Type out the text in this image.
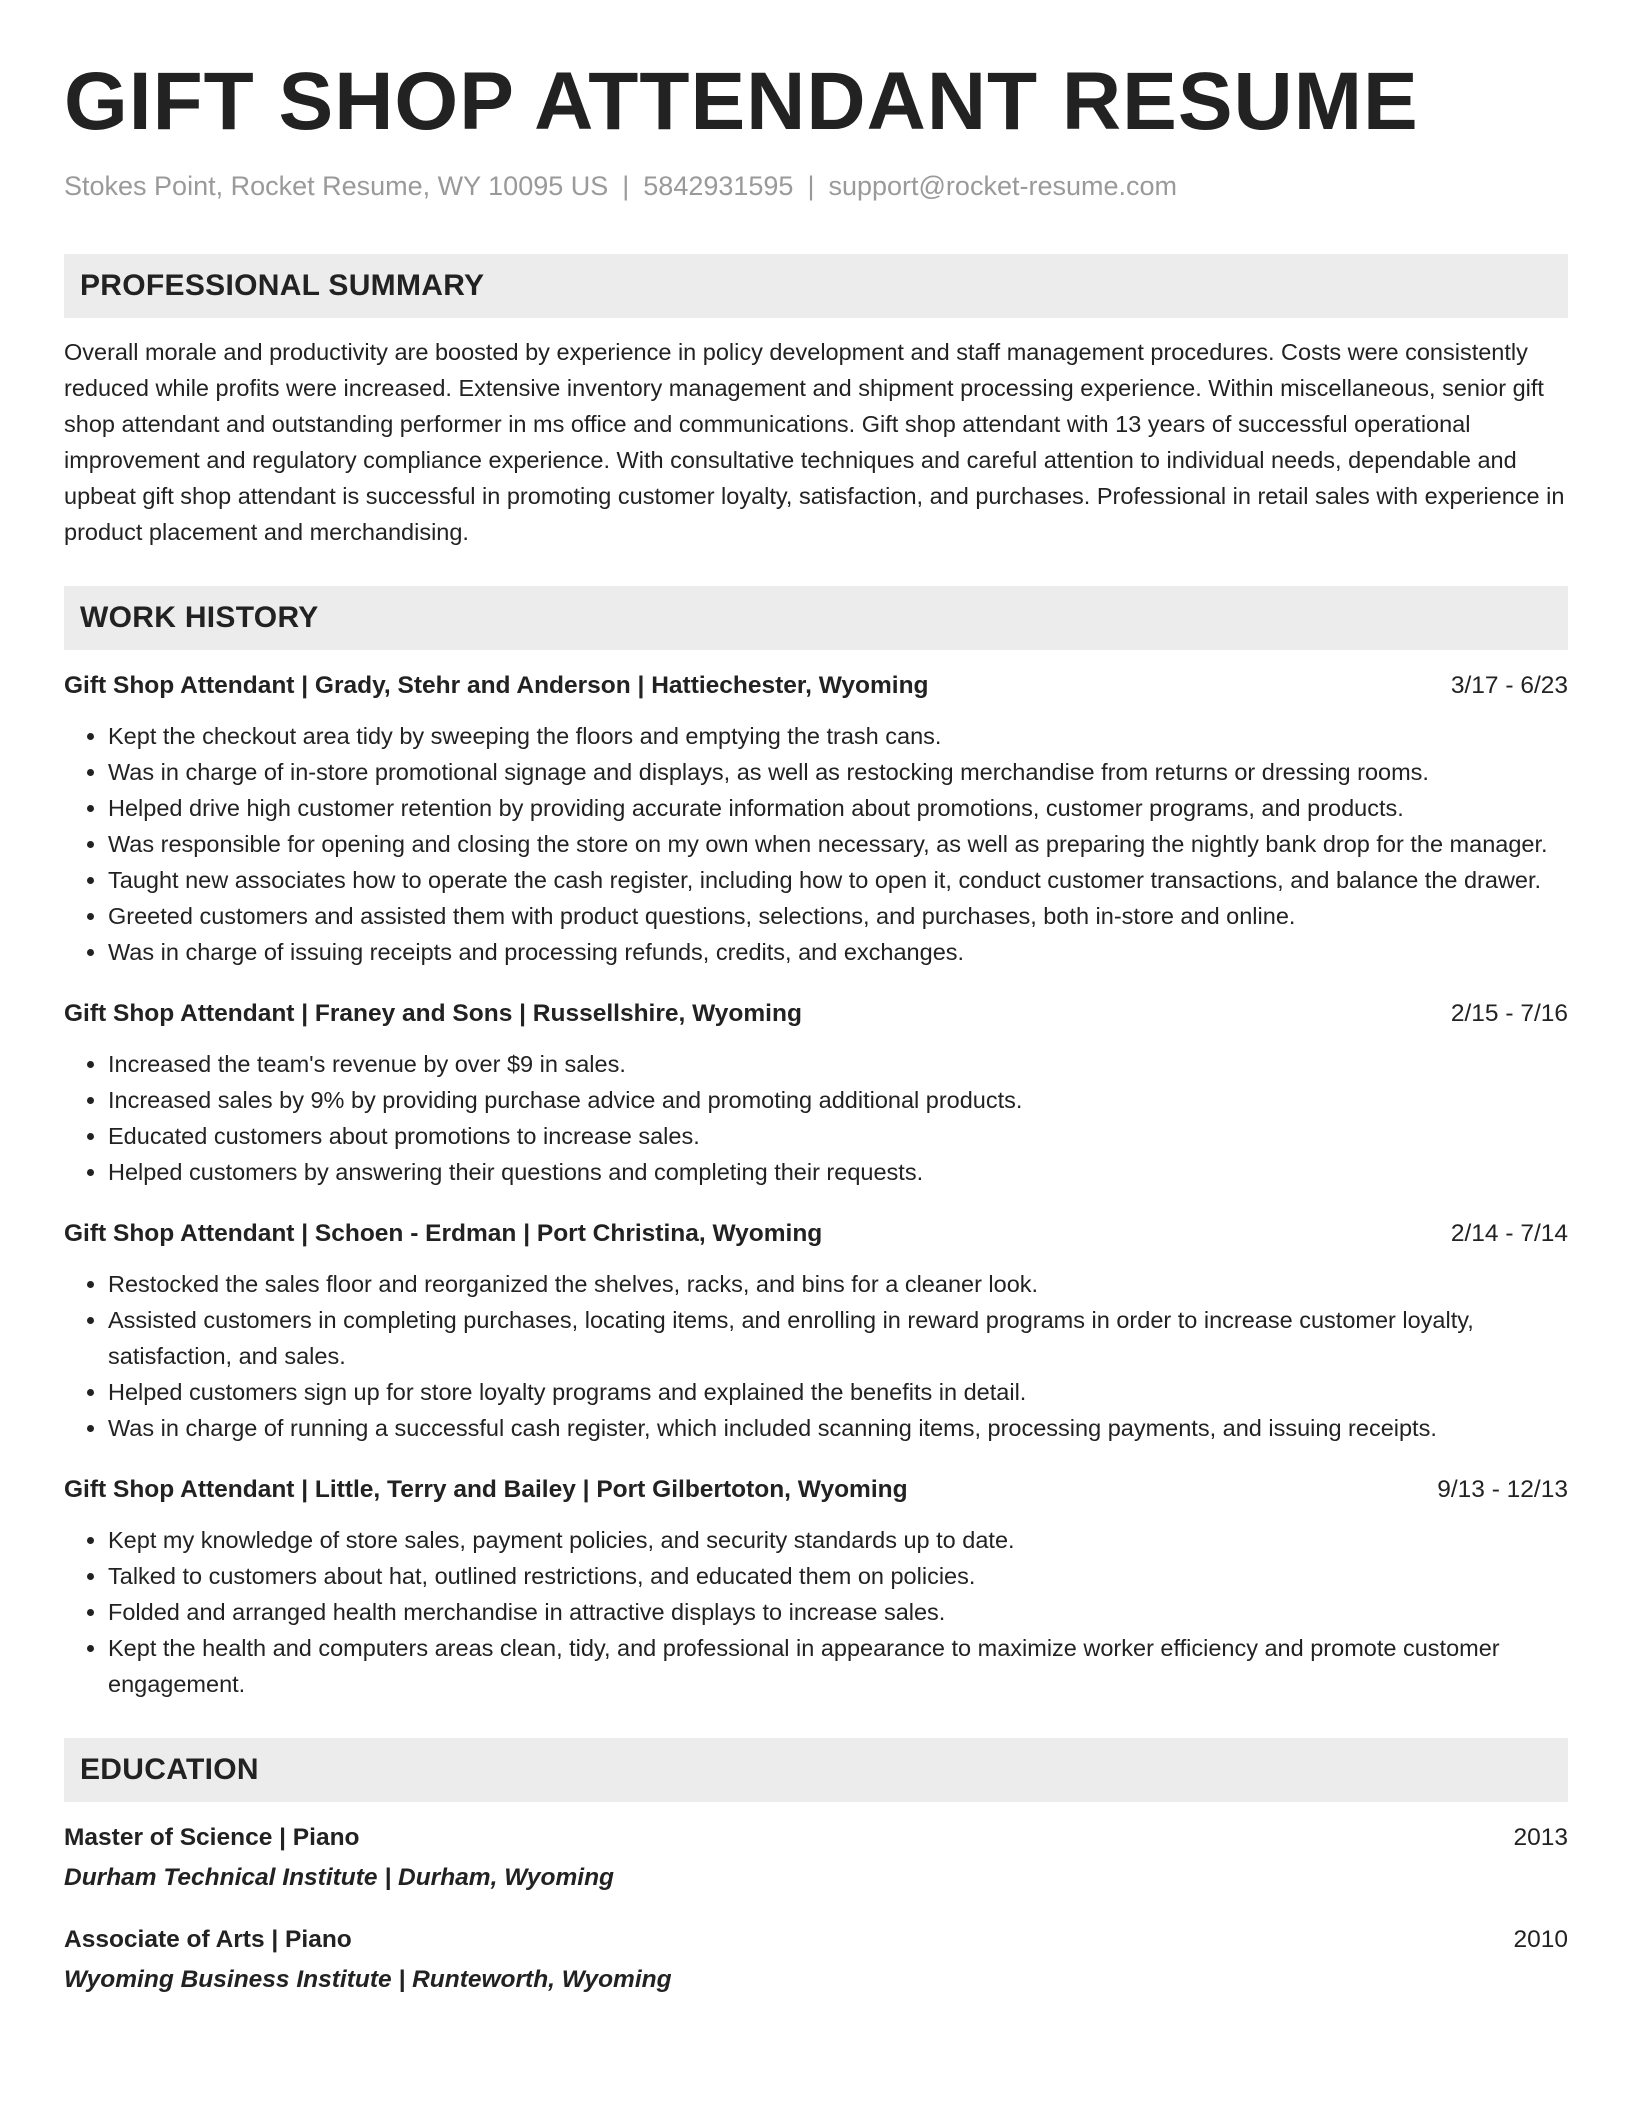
GIFT SHOP ATTENDANT RESUME
Stokes Point, Rocket Resume, WY 10095 US | 5842931595 | support@rocket-resume.com
PROFESSIONAL SUMMARY

Overall morale and productivity are boosted by experience in policy development and staff management procedures. Costs were consistently reduced while profits were increased. Extensive inventory management and shipment processing experience. Within miscellaneous, senior gift shop attendant and outstanding performer in ms office and communications. Gift shop attendant with 13 years of successful operational improvement and regulatory compliance experience. With consultative techniques and careful attention to individual needs, dependable and upbeat gift shop attendant is successful in promoting customer loyalty, satisfaction, and purchases. Professional in retail sales with experience in product placement and merchandising.

WORK HISTORY
Gift Shop Attendant | Grady, Stehr and Anderson | Hattiechester, Wyoming	3/17 - 6/23
• Kept the checkout area tidy by sweeping the floors and emptying the trash cans.
• Was in charge of in-store promotional signage and displays, as well as restocking merchandise from returns or dressing rooms.
• Helped drive high customer retention by providing accurate information about promotions, customer programs, and products.
• Was responsible for opening and closing the store on my own when necessary, as well as preparing the nightly bank drop for the manager.
• Taught new associates how to operate the cash register, including how to open it, conduct customer transactions, and balance the drawer.
• Greeted customers and assisted them with product questions, selections, and purchases, both in-store and online.
• Was in charge of issuing receipts and processing refunds, credits, and exchanges.
Gift Shop Attendant | Franey and Sons | Russellshire, Wyoming	2/15 - 7/16
• Increased the team's revenue by over $9 in sales.
• Increased sales by 9% by providing purchase advice and promoting additional products.
• Educated customers about promotions to increase sales.
• Helped customers by answering their questions and completing their requests.
Gift Shop Attendant | Schoen - Erdman | Port Christina, Wyoming	2/14 - 7/14
• Restocked the sales floor and reorganized the shelves, racks, and bins for a cleaner look.
• Assisted customers in completing purchases, locating items, and enrolling in reward programs in order to increase customer loyalty, satisfaction, and sales.
• Helped customers sign up for store loyalty programs and explained the benefits in detail.
• Was in charge of running a successful cash register, which included scanning items, processing payments, and issuing receipts.
Gift Shop Attendant | Little, Terry and Bailey | Port Gilbertoton, Wyoming	9/13 - 12/13
• Kept my knowledge of store sales, payment policies, and security standards up to date.
• Talked to customers about hat, outlined restrictions, and educated them on policies.
• Folded and arranged health merchandise in attractive displays to increase sales.
• Kept the health and computers areas clean, tidy, and professional in appearance to maximize worker efficiency and promote customer engagement.
EDUCATION
Master of Science | Piano	2013
Durham Technical Institute | Durham, Wyoming
Associate of Arts | Piano	2010
Wyoming Business Institute | Runteworth, Wyoming
